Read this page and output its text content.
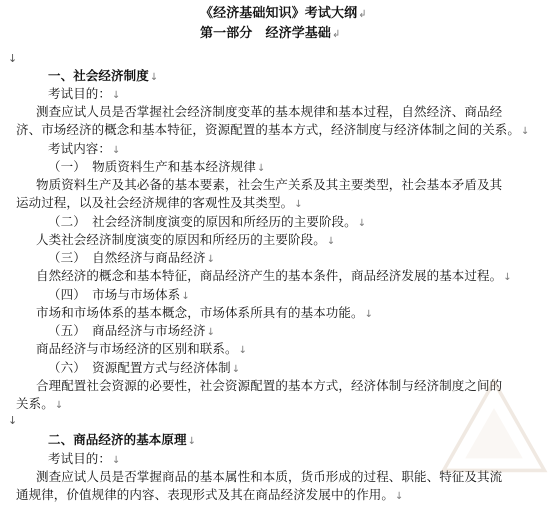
《经济基础知识》考试大纲↲
第一部分　经济学基础↲
↓
一、社会经济制度↓
考试目的：↓
测查应试人员是否掌握社会经济制度变革的基本规律和基本过程，自然经济、商品经
济、市场经济的概念和基本特征，资源配置的基本方式，经济制度与经济体制之间的关系。↓
考试内容：↓
（一）　物质资料生产和基本经济规律↓
物质资料生产及其必备的基本要素，社会生产关系及其主要类型，社会基本矛盾及其
运动过程，以及社会经济规律的客观性及其类型。↓
（二）　社会经济制度演变的原因和所经历的主要阶段。↓
人类社会经济制度演变的原因和所经历的主要阶段。↓
（三）　自然经济与商品经济↓
自然经济的概念和基本特征，商品经济产生的基本条件，商品经济发展的基本过程。↓
（四）　市场与市场体系↓
市场和市场体系的基本概念，市场体系所具有的基本功能。↓
（五）　商品经济与市场经济↓
商品经济与市场经济的区别和联系。↓
（六）　资源配置方式与经济体制↓
合理配置社会资源的必要性，社会资源配置的基本方式，经济体制与经济制度之间的
关系。↓
↓
二、商品经济的基本原理↓
考试目的：↓
测查应试人员是否掌握商品的基本属性和本质，货币形成的过程、职能、特征及其流
通规律，价值规律的内容、表现形式及其在商品经济发展中的作用。↓
